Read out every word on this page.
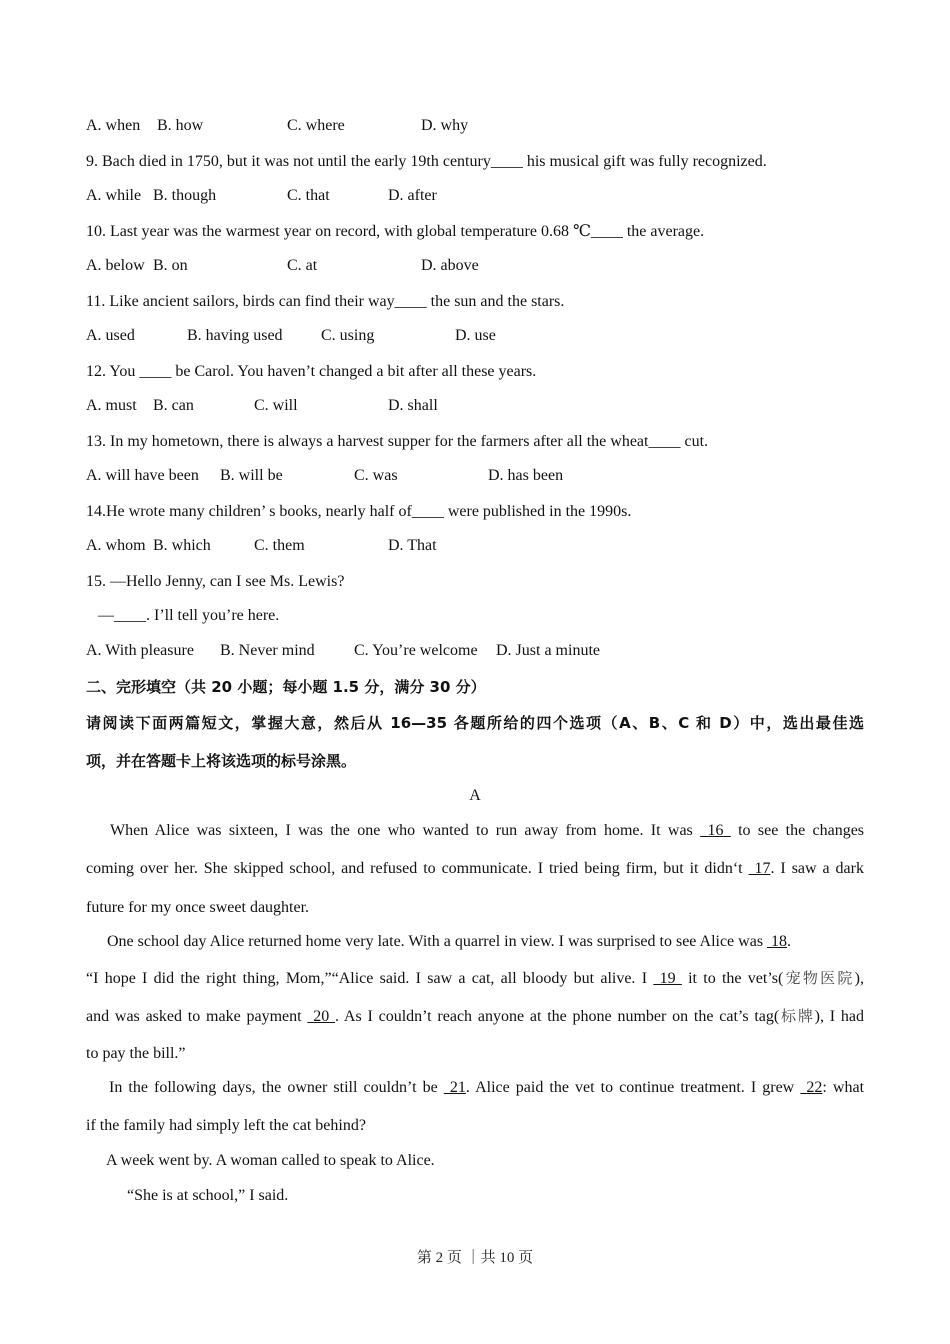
A. when B. how	C. where	D. why
9. Bach died in 1750, but it was not until the early 19th century____ his musical gift was fully recognized.
A. while B. though	C. that	D. after
10. Last year was the warmest year on record, with global temperature 0.68 ℃____ the average.
A. below B. on	C. at	D. above
11. Like ancient sailors, birds can find their way____ the sun and the stars.
A. used	B. having used C. using	D. use
12. You ____ be Carol. You haven’t changed a bit after all these years.
A. must B. can	C. will	D. shall
13. In my hometown, there is always a harvest supper for the farmers after all the wheat____ cut.
A. will have been B. will be	C. was	D. has been
14.He wrote many children’ s books, nearly half of____ were published in the 1990s.
A. whom B. which	C. them	D. That
15. —Hello Jenny, can I see Ms. Lewis?
—____. I’ll tell you’re here.
A. With pleasure B. Never mind C. You’re welcome D. Just a minute
二、完形填空（共 20 小题；每小题 1.5 分，满分 30 分）
请阅读下面两篇短文，掌握大意，然后从 16—35 各题所给的四个选项（A、B、C 和 D）中，选出最佳选
项，并在答题卡上将该选项的标号涂黑。
A
When Alice was sixteen, I was the one who wanted to run away from home. It was 16 to see the changes
coming over her. She skipped school, and refused to communicate. I tried being firm, but it didn‘t 17. I saw a dark
future for my once sweet daughter.
One school day Alice returned home very late. With a quarrel in view. I was surprised to see Alice was 18.
“I hope I did the right thing, Mom,”“Alice said. I saw a cat, all bloody but alive. I 19 it to the vet’s(宠物医院),
and was asked to make payment 20 . As I couldn’t reach anyone at the phone number on the cat’s tag(标牌), I had
to pay the bill.”
In the following days, the owner still couldn’t be 21. Alice paid the vet to continue treatment. I grew 22: what
if the family had simply left the cat behind?
A week went by. A woman called to speak to Alice.
“She is at school,” I said.
第 2 页 ｜共 10 页
